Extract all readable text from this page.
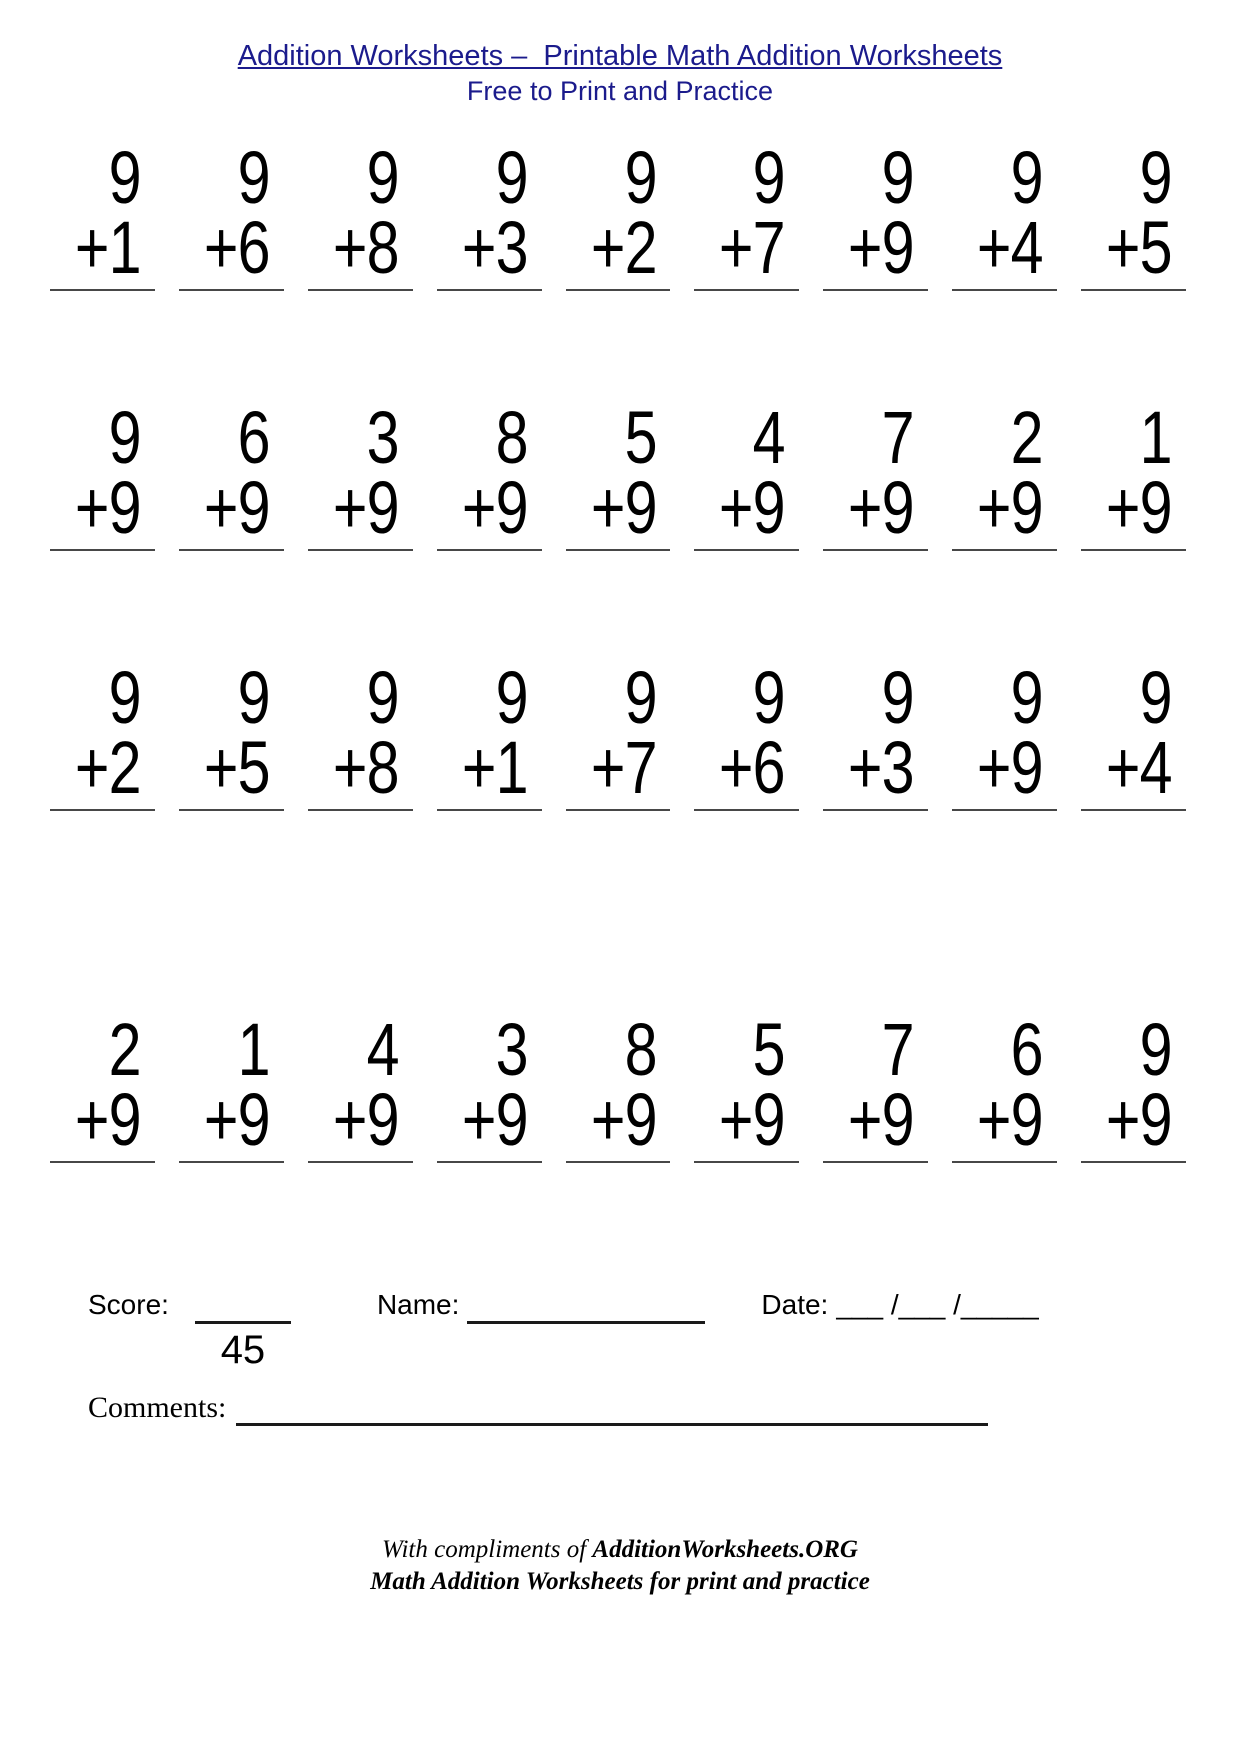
Addition Worksheets –  Printable Math Addition Worksheets
Free to Print and Practice
9
+1
9
+6
9
+8
9
+3
9
+2
9
+7
9
+9
9
+4
9
+5
9
+9
6
+9
3
+9
8
+9
5
+9
4
+9
7
+9
2
+9
1
+9
9
+2
9
+5
9
+8
9
+1
9
+7
9
+6
9
+3
9
+9
9
+4
2
+9
1
+9
4
+9
3
+9
8
+9
5
+9
7
+9
6
+9
9
+9
Score:
45
Name:	Date: ___ /___ /_____
Comments:
With compliments of AdditionWorksheets.ORG
Math Addition Worksheets for print and practice
